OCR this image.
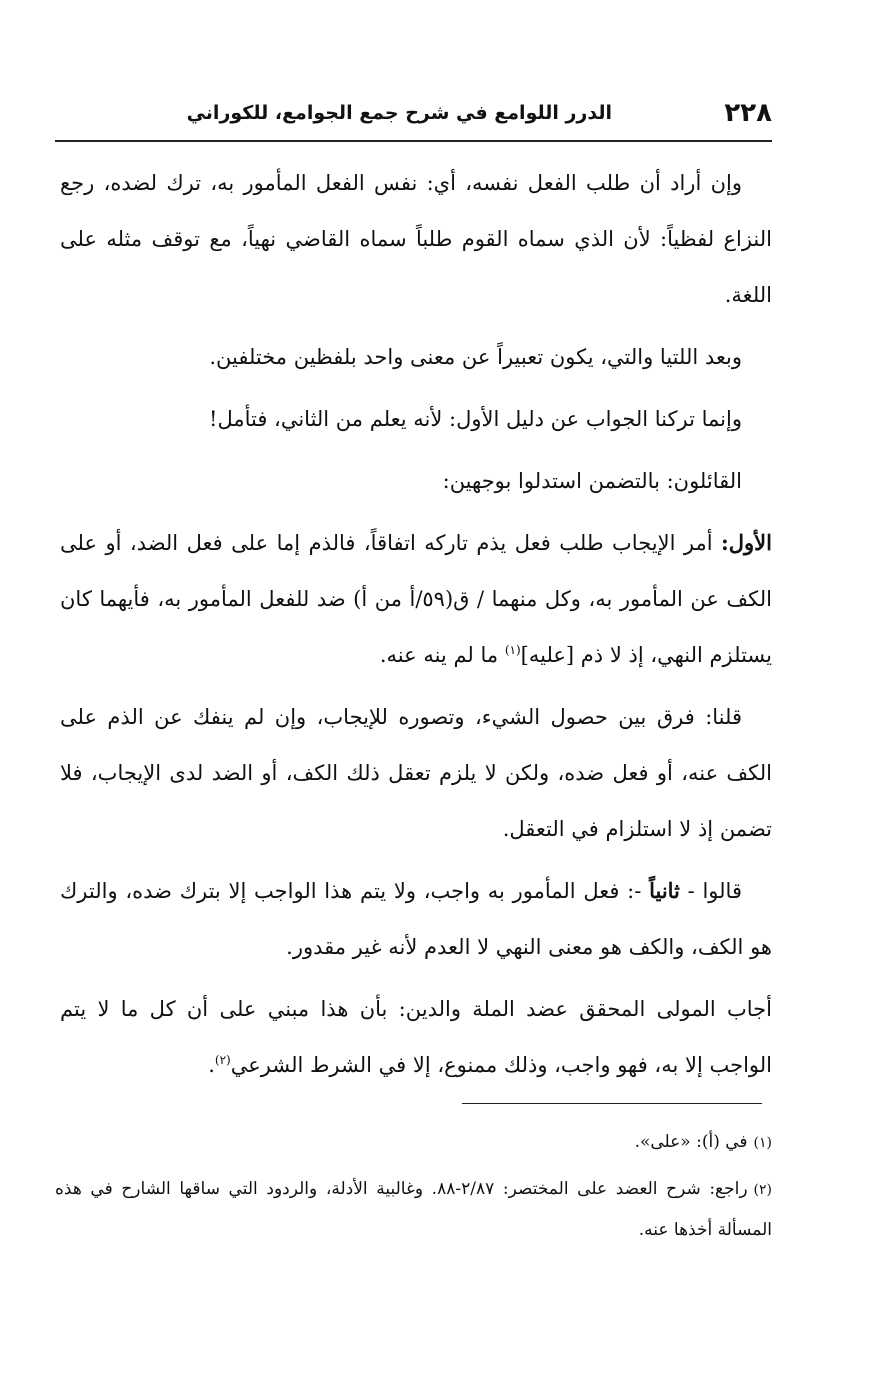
٢٢٨
الدرر اللوامع في شرح جمع الجوامع، للكوراني

وإن أراد أن طلب الفعل نفسه، أي: نفس الفعل المأمور به، ترك لضده، رجع النزاع لفظياً: لأن الذي سماه القوم طلباً سماه القاضي نهياً، مع توقف مثله على اللغة.

وبعد اللتيا والتي، يكون تعبيراً عن معنى واحد بلفظين مختلفين.

وإنما تركنا الجواب عن دليل الأول: لأنه يعلم من الثاني، فتأمل!

القائلون: بالتضمن استدلوا بوجهين:

الأول: أمر الإيجاب طلب فعل يذم تاركه اتفاقاً، فالذم إما على فعل الضد، أو على الكف عن المأمور به، وكل منهما / ق(٥٩/أ من أ) ضد للفعل المأمور به، فأيهما كان يستلزم النهي، إذ لا ذم [عليه]$^{(١)}$ ما لم ينه عنه.

قلنا: فرق بين حصول الشيء، وتصوره للإيجاب، وإن لم ينفك عن الذم على الكف عنه، أو فعل ضده، ولكن لا يلزم تعقل ذلك الكف، أو الضد لدى الإيجاب، فلا تضمن إذ لا استلزام في التعقل.

قالوا - ثانياً -: فعل المأمور به واجب، ولا يتم هذا الواجب إلا بترك ضده، والترك هو الكف، والكف هو معنى النهي لا العدم لأنه غير مقدور.

أجاب المولى المحقق عضد الملة والدين: بأن هذا مبني على أن كل ما لا يتم الواجب إلا به، فهو واجب، وذلك ممنوع، إلا في الشرط الشرعي$^{(٢)}$.

(١)في (أ): «على».

(٢)راجع: شرح العضد على المختصر: ٢/٨٧-٨٨. وغالبية الأدلة، والردود التي ساقها الشارح في هذه المسألة أخذها عنه.
